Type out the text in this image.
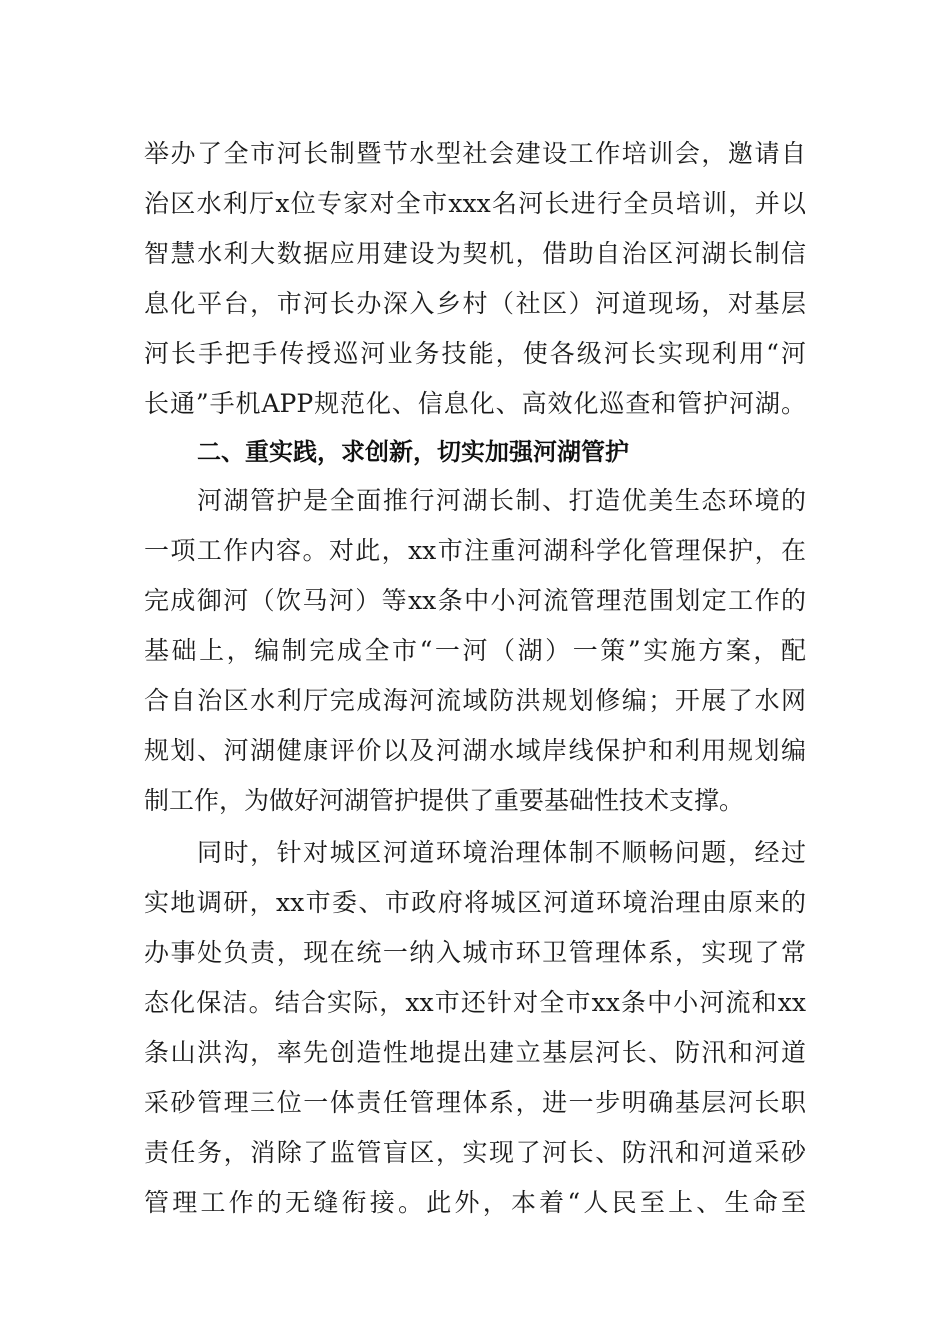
举办了全市河长制暨节水型社会建设工作培训会，邀请自
治区水利厅x位专家对全市xxx名河长进行全员培训，并以
智慧水利大数据应用建设为契机，借助自治区河湖长制信
息化平台，市河长办深入乡村（社区）河道现场，对基层
河长手把手传授巡河业务技能，使各级河长实现利用“河
长通”手机APP规范化、信息化、高效化巡查和管护河湖。
二、重实践，求创新，切实加强河湖管护
河湖管护是全面推行河湖长制、打造优美生态环境的
一项工作内容。对此，xx市注重河湖科学化管理保护，在
完成御河（饮马河）等xx条中小河流管理范围划定工作的
基础上，编制完成全市“一河（湖）一策”实施方案，配
合自治区水利厅完成海河流域防洪规划修编；开展了水网
规划、河湖健康评价以及河湖水域岸线保护和利用规划编
制工作，为做好河湖管护提供了重要基础性技术支撑。
同时，针对城区河道环境治理体制不顺畅问题，经过
实地调研，xx市委、市政府将城区河道环境治理由原来的
办事处负责，现在统一纳入城市环卫管理体系，实现了常
态化保洁。结合实际，xx市还针对全市xx条中小河流和xx
条山洪沟，率先创造性地提出建立基层河长、防汛和河道
采砂管理三位一体责任管理体系，进一步明确基层河长职
责任务，消除了监管盲区，实现了河长、防汛和河道采砂
管理工作的无缝衔接。此外，本着“人民至上、生命至
